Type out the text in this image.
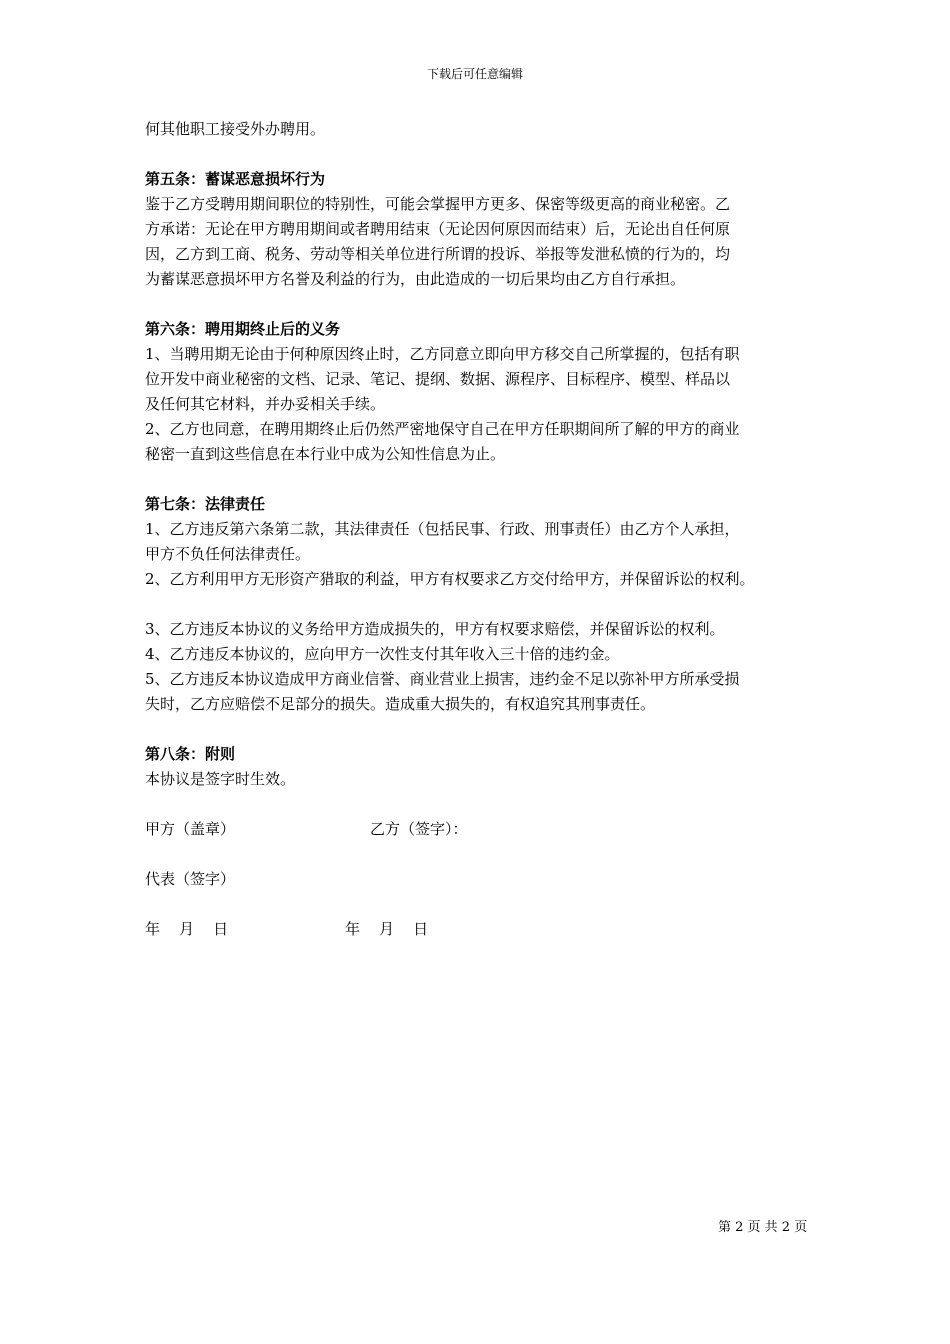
下载后可任意编辑

何其他职工接受外办聘用。

第五条：蓄谋恶意损坏行为

鉴于乙方受聘用期间职位的特别性，可能会掌握甲方更多、保密等级更高的商业秘密。乙

方承诺：无论在甲方聘用期间或者聘用结束（无论因何原因而结束）后，无论出自任何原

因，乙方到工商、税务、劳动等相关单位进行所谓的投诉、举报等发泄私愤的行为的，均

为蓄谋恶意损坏甲方名誉及利益的行为，由此造成的一切后果均由乙方自行承担。

第六条：聘用期终止后的义务

1、当聘用期无论由于何种原因终止时，乙方同意立即向甲方移交自己所掌握的，包括有职

位开发中商业秘密的文档、记录、笔记、提纲、数据、源程序、目标程序、模型、样品以

及任何其它材料，并办妥相关手续。

2、乙方也同意，在聘用期终止后仍然严密地保守自己在甲方任职期间所了解的甲方的商业

秘密一直到这些信息在本行业中成为公知性信息为止。

第七条：法律责任

1、乙方违反第六条第二款，其法律责任（包括民事、行政、刑事责任）由乙方个人承担，

甲方不负任何法律责任。

2、乙方利用甲方无形资产猎取的利益，甲方有权要求乙方交付给甲方，并保留诉讼的权利。

3、乙方违反本协议的义务给甲方造成损失的，甲方有权要求赔偿，并保留诉讼的权利。

4、乙方违反本协议的，应向甲方一次性支付其年收入三十倍的违约金。

5、乙方违反本协议造成甲方商业信誉、商业营业上损害，违约金不足以弥补甲方所承受损

失时，乙方应赔偿不足部分的损失。造成重大损失的，有权追究其刑事责任。

第八条：附则

本协议是签字时生效。

甲方（盖章）	乙方（签字）：
代表（签字）
年    月    日	年    月    日
第 2 页 共 2 页
